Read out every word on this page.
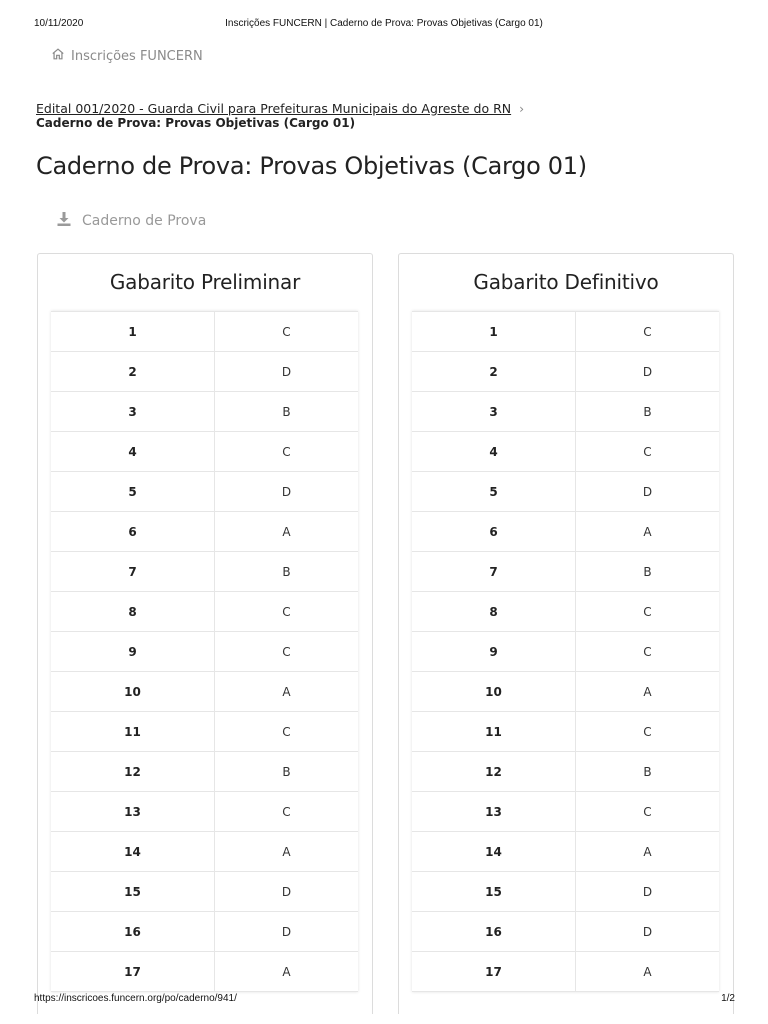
10/11/2020	Inscrições FUNCERN | Caderno de Prova: Provas Objetivas (Cargo 01)
Inscrições FUNCERN
Edital 001/2020 - Guarda Civil para Prefeituras Municipais do Agreste do RN ›
Caderno de Prova: Provas Objetivas (Cargo 01)
Caderno de Prova: Provas Objetivas (Cargo 01)
Caderno de Prova
Gabarito Preliminar
1	C
2	D
3	B
4	C
5	D
6	A
7	B
8	C
9	C
10	A
11	C
12	B
13	C
14	A
15	D
16	D
17	A
Gabarito Definitivo
1	C
2	D
3	B
4	C
5	D
6	A
7	B
8	C
9	C
10	A
11	C
12	B
13	C
14	A
15	D
16	D
17	A
https://inscricoes.funcern.org/po/caderno/941/	1/2
